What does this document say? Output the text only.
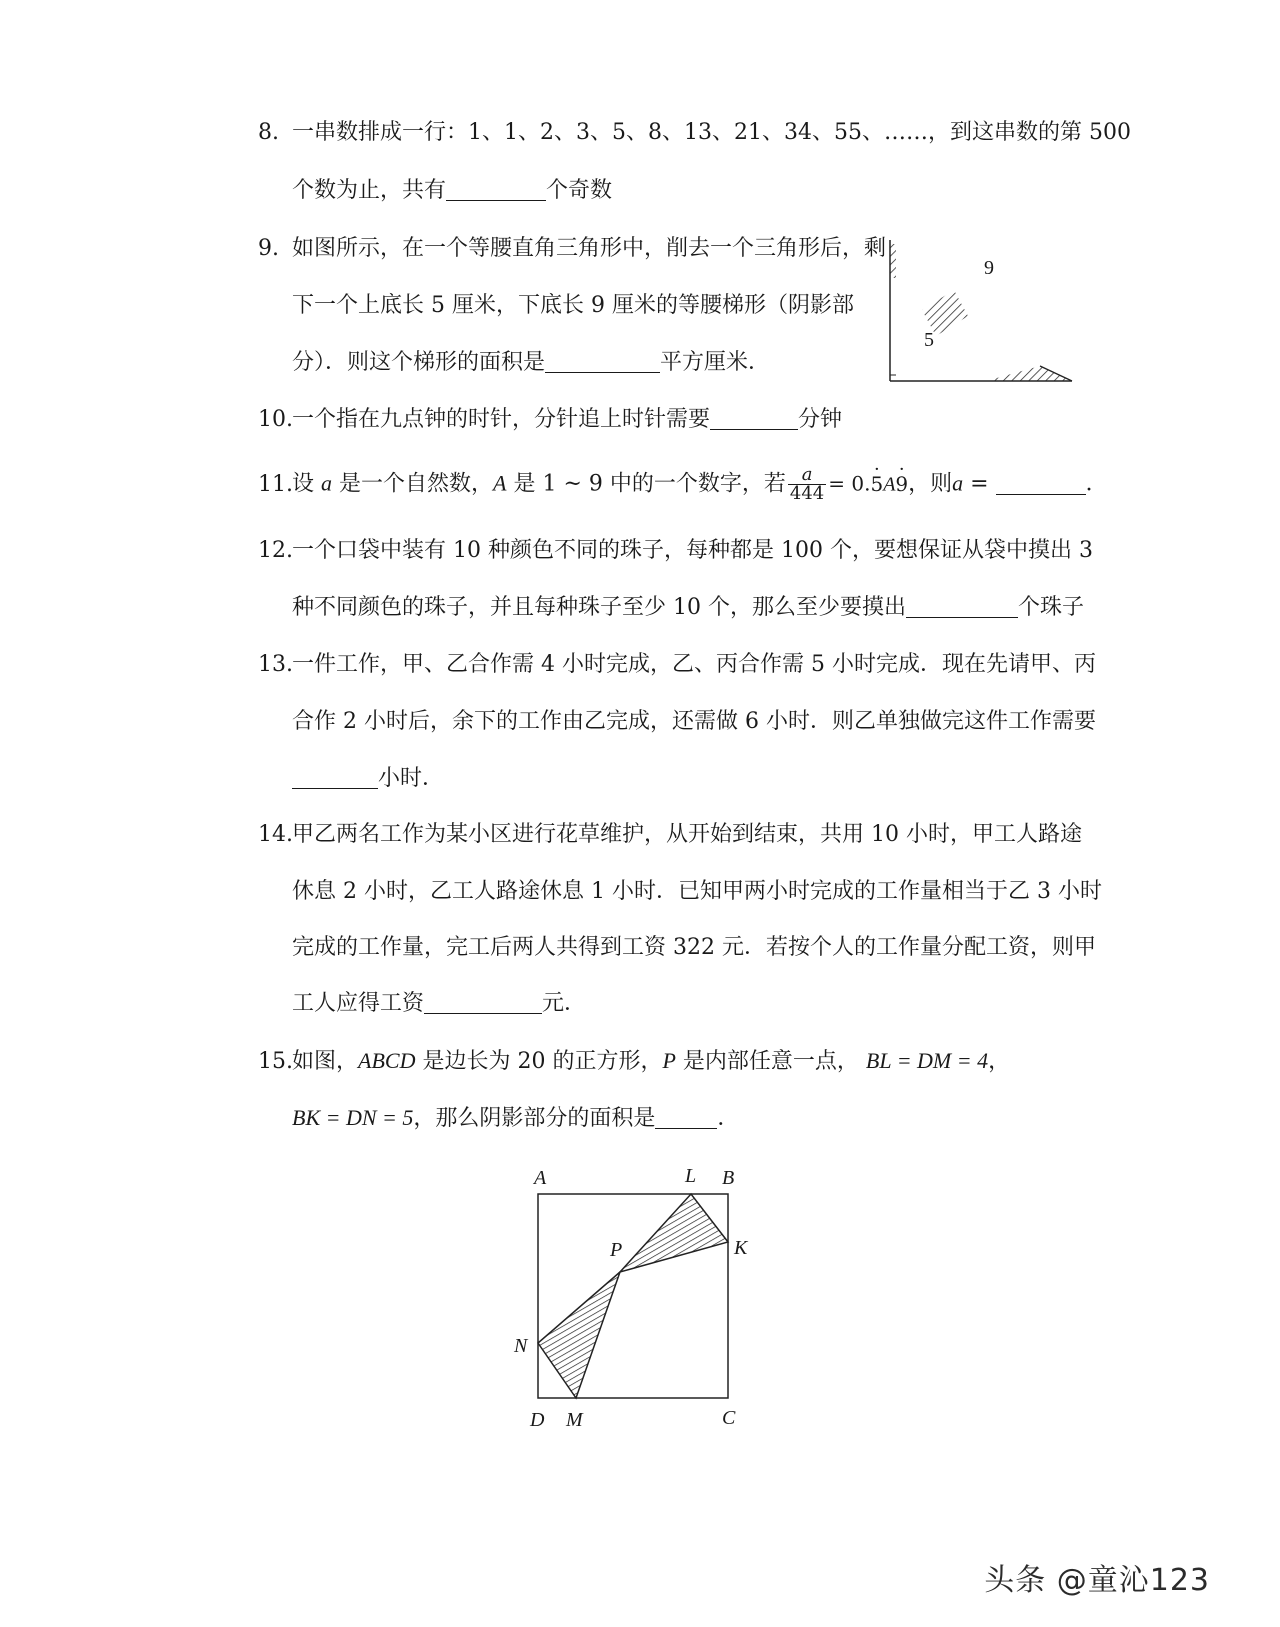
8. 一串数排成一行：1、1、2、3、5、8、13、21、34、55、……，到这串数的第 500
个数为止，共有	个奇数
9. 如图所示，在一个等腰直角三角形中，削去一个三角形后，剩
下一个上底长 5 厘米，下底长 9 厘米的等腰梯形（阴影部
分）．则这个梯形的面积是	平方厘米．
9
5
10.一个指在九点钟的时针，分针追上时针需要	分钟
11.设 a 是一个自然数，A 是 1 ~ 9 中的一个数字，若 $\frac{a}{444} = 0.\cdot 5A\cdot 9$，则a =	．
12.一个口袋中装有 10 种颜色不同的珠子，每种都是 100 个，要想保证从袋中摸出 3
种不同颜色的珠子，并且每种珠子至少 10 个，那么至少要摸出	个珠子
13.一件工作，甲、乙合作需 4 小时完成，乙、丙合作需 5 小时完成．现在先请甲、丙
合作 2 小时后，余下的工作由乙完成，还需做 6 小时．则乙单独做完这件工作需要
小时．
14.甲乙两名工作为某小区进行花草维护，从开始到结束，共用 10 小时，甲工人路途
休息 2 小时，乙工人路途休息 1 小时．已知甲两小时完成的工作量相当于乙 3 小时
完成的工作量，完工后两人共得到工资 322 元．若按个人的工作量分配工资，则甲
工人应得工资	元．
15.如图，ABCD 是边长为 20 的正方形，P 是内部任意一点， BL = DM = 4，
BK = DN = 5，那么阴影部分的面积是	．
A	L B
K
P
N
D M	C
头条 @童沁123
